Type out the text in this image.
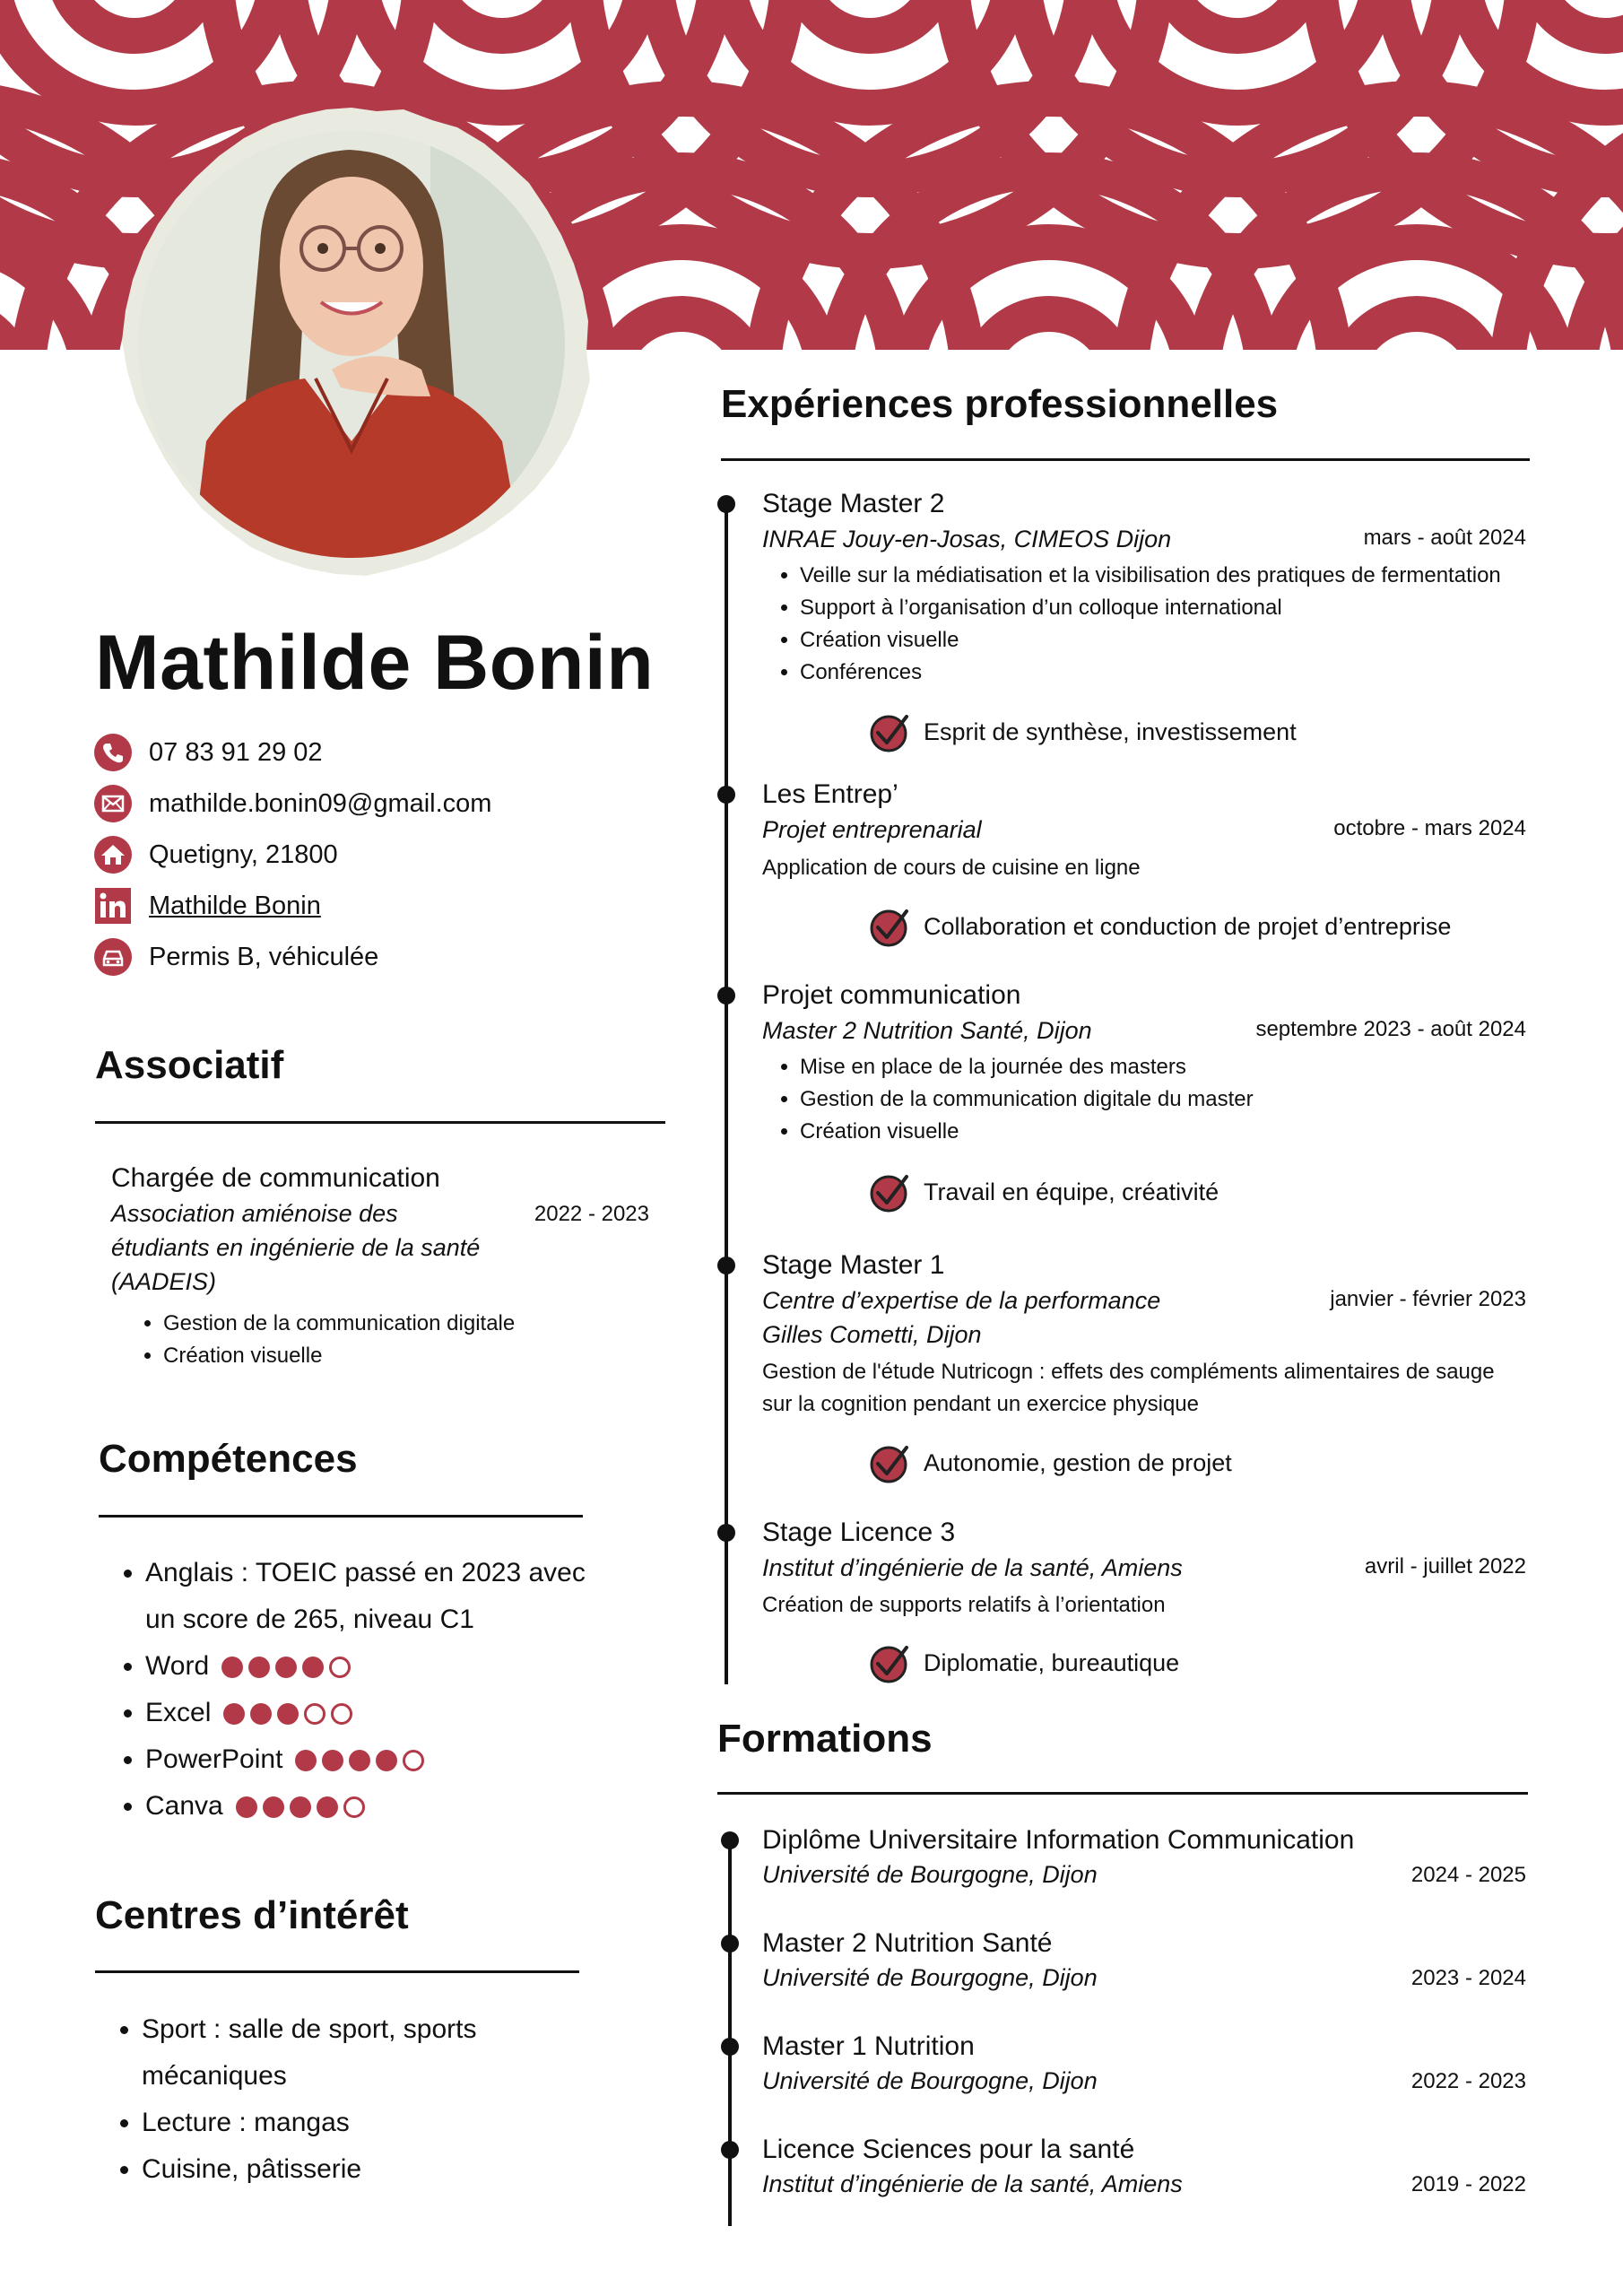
Mathilde Bonin
07 83 91 29 02
mathilde.bonin09@gmail.com
Quetigny, 21800
Mathilde Bonin
Permis B, véhiculée
Associatif
Chargée de communication
Association amiénoise des
étudiants en ingénierie de la santé
(AADEIS)
2022 - 2023
• Gestion de la communication digitale
• Création visuelle
Compétences
• Anglais : TOEIC passé en 2023 avec
un score de 265, niveau C1
• Word
• Excel
• PowerPoint
• Canva
Centres d’intérêt
• Sport : salle de sport, sports
mécaniques
• Lecture : mangas
• Cuisine, pâtisserie
Expériences professionnelles
Stage Master 2
INRAE Jouy-en-Josas, CIMEOS Dijon	mars - août 2024
• Veille sur la médiatisation et la visibilisation des pratiques de fermentation
• Support à l’organisation d’un colloque international
• Création visuelle
• Conférences
Esprit de synthèse, investissement
Les Entrep’
Projet entreprenarial	octobre - mars 2024
Application de cours de cuisine en ligne
Collaboration et conduction de projet d’entreprise
Projet communication
Master 2 Nutrition Santé, Dijon	septembre 2023 - août 2024
• Mise en place de la journée des masters
• Gestion de la communication digitale du master
• Création visuelle
Travail en équipe, créativité
Stage Master 1
Centre d’expertise de la performance
Gilles Cometti, Dijon
janvier - février 2023
Gestion de l'étude Nutricogn : effets des compléments alimentaires de sauge
sur la cognition pendant un exercice physique
Autonomie, gestion de projet
Stage Licence 3
Institut d’ingénierie de la santé, Amiens	avril - juillet 2022
Création de supports relatifs à l’orientation
Diplomatie, bureautique
Formations
Diplôme Universitaire Information Communication
Université de Bourgogne, Dijon	2024 - 2025
Master 2 Nutrition Santé
Université de Bourgogne, Dijon	2023 - 2024
Master 1 Nutrition
Université de Bourgogne, Dijon	2022 - 2023
Licence Sciences pour la santé
Institut d’ingénierie de la santé, Amiens	2019 - 2022
